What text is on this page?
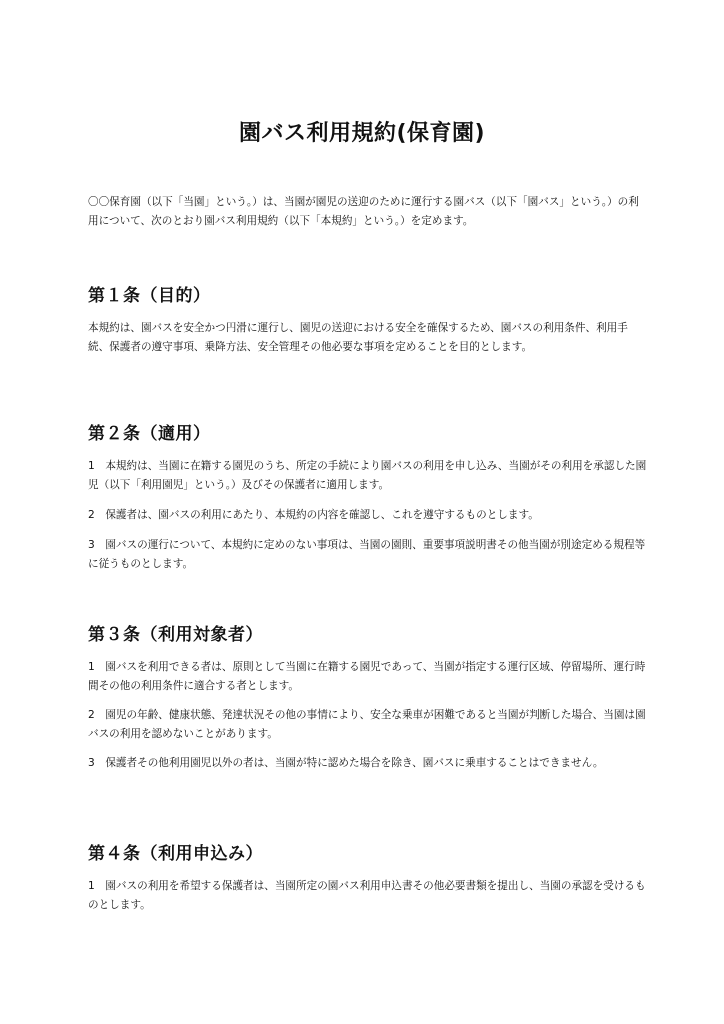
園バス利用規約(保育園)

〇〇保育園（以下「当園」という。）は、当園が園児の送迎のために運行する園バス（以下「園バス」という。）の利用について、次のとおり園バス利用規約（以下「本規約」という。）を定めます。

第１条（目的）

本規約は、園バスを安全かつ円滑に運行し、園児の送迎における安全を確保するため、園バスの利用条件、利用手続、保護者の遵守事項、乗降方法、安全管理その他必要な事項を定めることを目的とします。

第２条（適用）

1　本規約は、当園に在籍する園児のうち、所定の手続により園バスの利用を申し込み、当園がその利用を承認した園児（以下「利用園児」という。）及びその保護者に適用します。

2　保護者は、園バスの利用にあたり、本規約の内容を確認し、これを遵守するものとします。

3　園バスの運行について、本規約に定めのない事項は、当園の園則、重要事項説明書その他当園が別途定める規程等に従うものとします。

第３条（利用対象者）

1　園バスを利用できる者は、原則として当園に在籍する園児であって、当園が指定する運行区域、停留場所、運行時間その他の利用条件に適合する者とします。

2　園児の年齢、健康状態、発達状況その他の事情により、安全な乗車が困難であると当園が判断した場合、当園は園バスの利用を認めないことがあります。

3　保護者その他利用園児以外の者は、当園が特に認めた場合を除き、園バスに乗車することはできません。

第４条（利用申込み）

1　園バスの利用を希望する保護者は、当園所定の園バス利用申込書その他必要書類を提出し、当園の承認を受けるものとします。
